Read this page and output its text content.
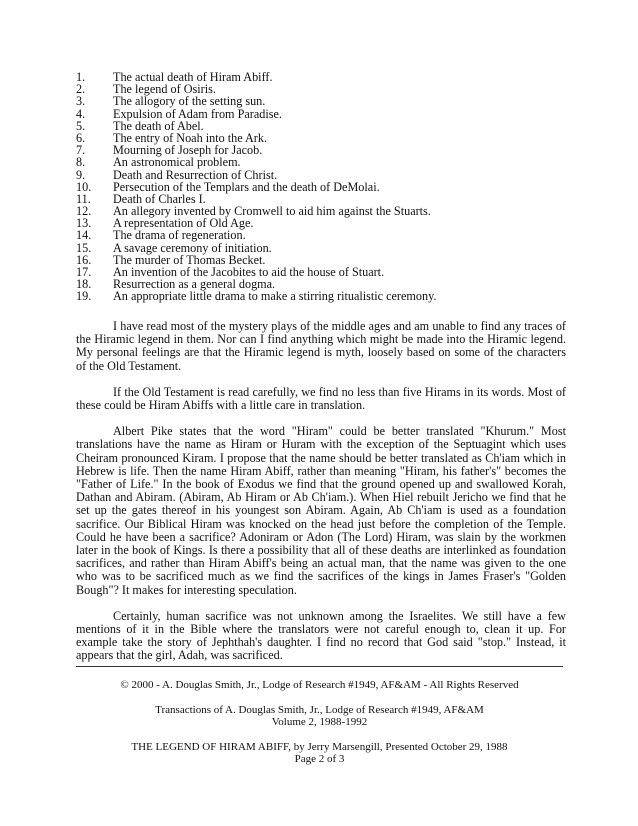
1.	The actual death of Hiram Abiff.
2.	The legend of Osiris.
3.	The allogory of the setting sun.
4.	Expulsion of Adam from Paradise.
5.	The death of Abel.
6.	The entry of Noah into the Ark.
7.	Mourning of Joseph for Jacob.
8.	An astronomical problem.
9.	Death and Resurrection of Christ.
10.	Persecution of the Templars and the death of DeMolai.
11.	Death of Charles I.
12.	An allegory invented by Cromwell to aid him against the Stuarts.
13.	A representation of Old Age.
14.	The drama of regeneration.
15.	A savage ceremony of initiation.
16.	The murder of Thomas Becket.
17.	An invention of the Jacobites to aid the house of Stuart.
18.	Resurrection as a general dogma.
19.	An appropriate little drama to make a stirring ritualistic ceremony.

I have read most of the mystery plays of the middle ages and am unable to find any traces of the Hiramic legend in them. Nor can I find anything which might be made into the Hiramic legend. My personal feelings are that the Hiramic legend is myth, loosely based on some of the characters of the Old Testament.

If the Old Testament is read carefully, we find no less than five Hirams in its words. Most of these could be Hiram Abiffs with a little care in translation.

Albert Pike states that the word "Hiram" could be better translated "Khurum." Most translations have the name as Hiram or Huram with the exception of the Septuagint which uses Cheiram pronounced Kiram. I propose that the name should be better translated as Ch'iam which in Hebrew is life. Then the name Hiram Abiff, rather than meaning "Hiram, his father's" becomes the "Father of Life." In the book of Exodus we find that the ground opened up and swallowed Korah, Dathan and Abiram. (Abiram, Ab Hiram or Ab Ch'iam.). When Hiel rebuilt Jericho we find that he set up the gates thereof in his youngest son Abiram. Again, Ab Ch'iam is used as a foundation sacrifice. Our Biblical Hiram was knocked on the head just before the completion of the Temple. Could he have been a sacrifice? Adoniram or Adon (The Lord) Hiram, was slain by the workmen later in the book of Kings. Is there a possibility that all of these deaths are interlinked as foundation sacrifices, and rather than Hiram Abiff's being an actual man, that the name was given to the one who was to be sacrificed much as we find the sacrifices of the kings in James Fraser's "Golden Bough"? It makes for interesting speculation.

Certainly, human sacrifice was not unknown among the Israelites. We still have a few mentions of it in the Bible where the translators were not careful enough to, clean it up. For example take the story of Jephthah's daughter. I find no record that God said "stop." Instead, it appears that the girl, Adah, was sacrificed.

© 2000 - A. Douglas Smith, Jr., Lodge of Research #1949, AF&AM - All Rights Reserved
Transactions of A. Douglas Smith, Jr., Lodge of Research #1949, AF&AM
Volume 2, 1988-1992
THE LEGEND OF HIRAM ABIFF, by Jerry Marsengill, Presented October 29, 1988
Page 2 of 3
